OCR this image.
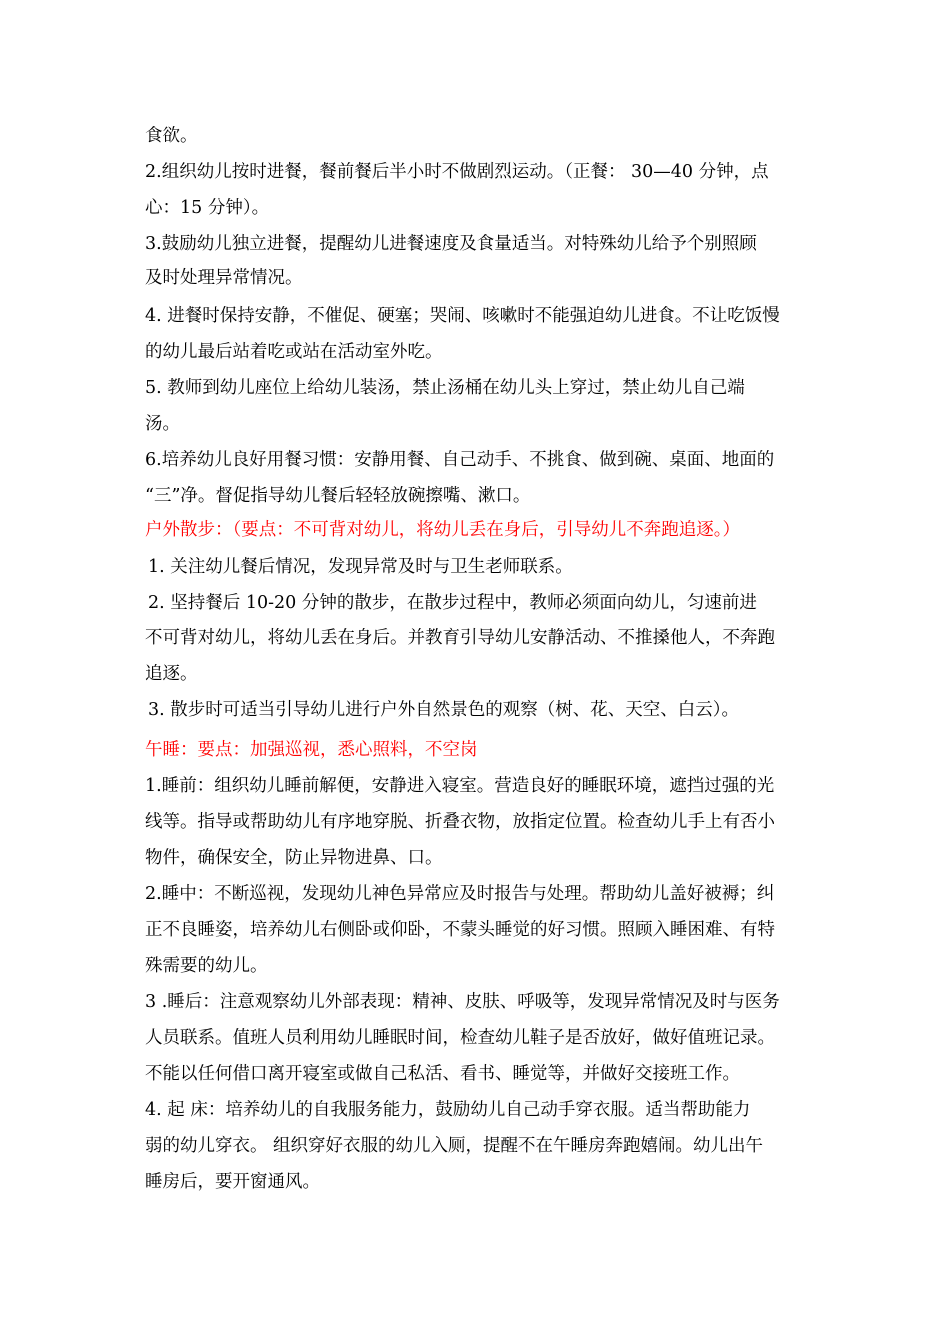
食欲。
2.组织幼儿按时进餐，餐前餐后半小时不做剧烈运动。（正餐： 30—40 分钟，点
心：15 分钟）。
3.鼓励幼儿独立进餐，提醒幼儿进餐速度及食量适当。对特殊幼儿给予个别照顾
及时处理异常情况。
4. 进餐时保持安静，不催促、硬塞；哭闹、咳嗽时不能强迫幼儿进食。不让吃饭慢
的幼儿最后站着吃或站在活动室外吃。
5. 教师到幼儿座位上给幼儿装汤，禁止汤桶在幼儿头上穿过，禁止幼儿自己端
汤。
6.培养幼儿良好用餐习惯：安静用餐、自己动手、不挑食、做到碗、桌面、地面的
“三”净。督促指导幼儿餐后轻轻放碗擦嘴、漱口。
户外散步：（要点：不可背对幼儿，将幼儿丢在身后，引导幼儿不奔跑追逐。）
1. 关注幼儿餐后情况，发现异常及时与卫生老师联系。
2. 坚持餐后 10-20 分钟的散步，在散步过程中，教师必须面向幼儿，匀速前进
不可背对幼儿，将幼儿丢在身后。并教育引导幼儿安静活动、不推搡他人，不奔跑
追逐。
3. 散步时可适当引导幼儿进行户外自然景色的观察（树、花、天空、白云）。
午睡：要点：加强巡视，悉心照料，不空岗
1.睡前：组织幼儿睡前解便，安静进入寝室。营造良好的睡眠环境，遮挡过强的光
线等。指导或帮助幼儿有序地穿脱、折叠衣物，放指定位置。检查幼儿手上有否小
物件，确保安全，防止异物进鼻、口。
2.睡中：不断巡视，发现幼儿神色异常应及时报告与处理。帮助幼儿盖好被褥；纠
正不良睡姿，培养幼儿右侧卧或仰卧，不蒙头睡觉的好习惯。照顾入睡困难、有特
殊需要的幼儿。
3 .睡后：注意观察幼儿外部表现：精神、皮肤、呼吸等，发现异常情况及时与医务
人员联系。值班人员利用幼儿睡眠时间，检查幼儿鞋子是否放好，做好值班记录。
不能以任何借口离开寝室或做自己私活、看书、睡觉等，并做好交接班工作。
4. 起 床：培养幼儿的自我服务能力，鼓励幼儿自己动手穿衣服。适当帮助能力
弱的幼儿穿衣。 组织穿好衣服的幼儿入厕，提醒不在午睡房奔跑嬉闹。幼儿出午
睡房后，要开窗通风。
